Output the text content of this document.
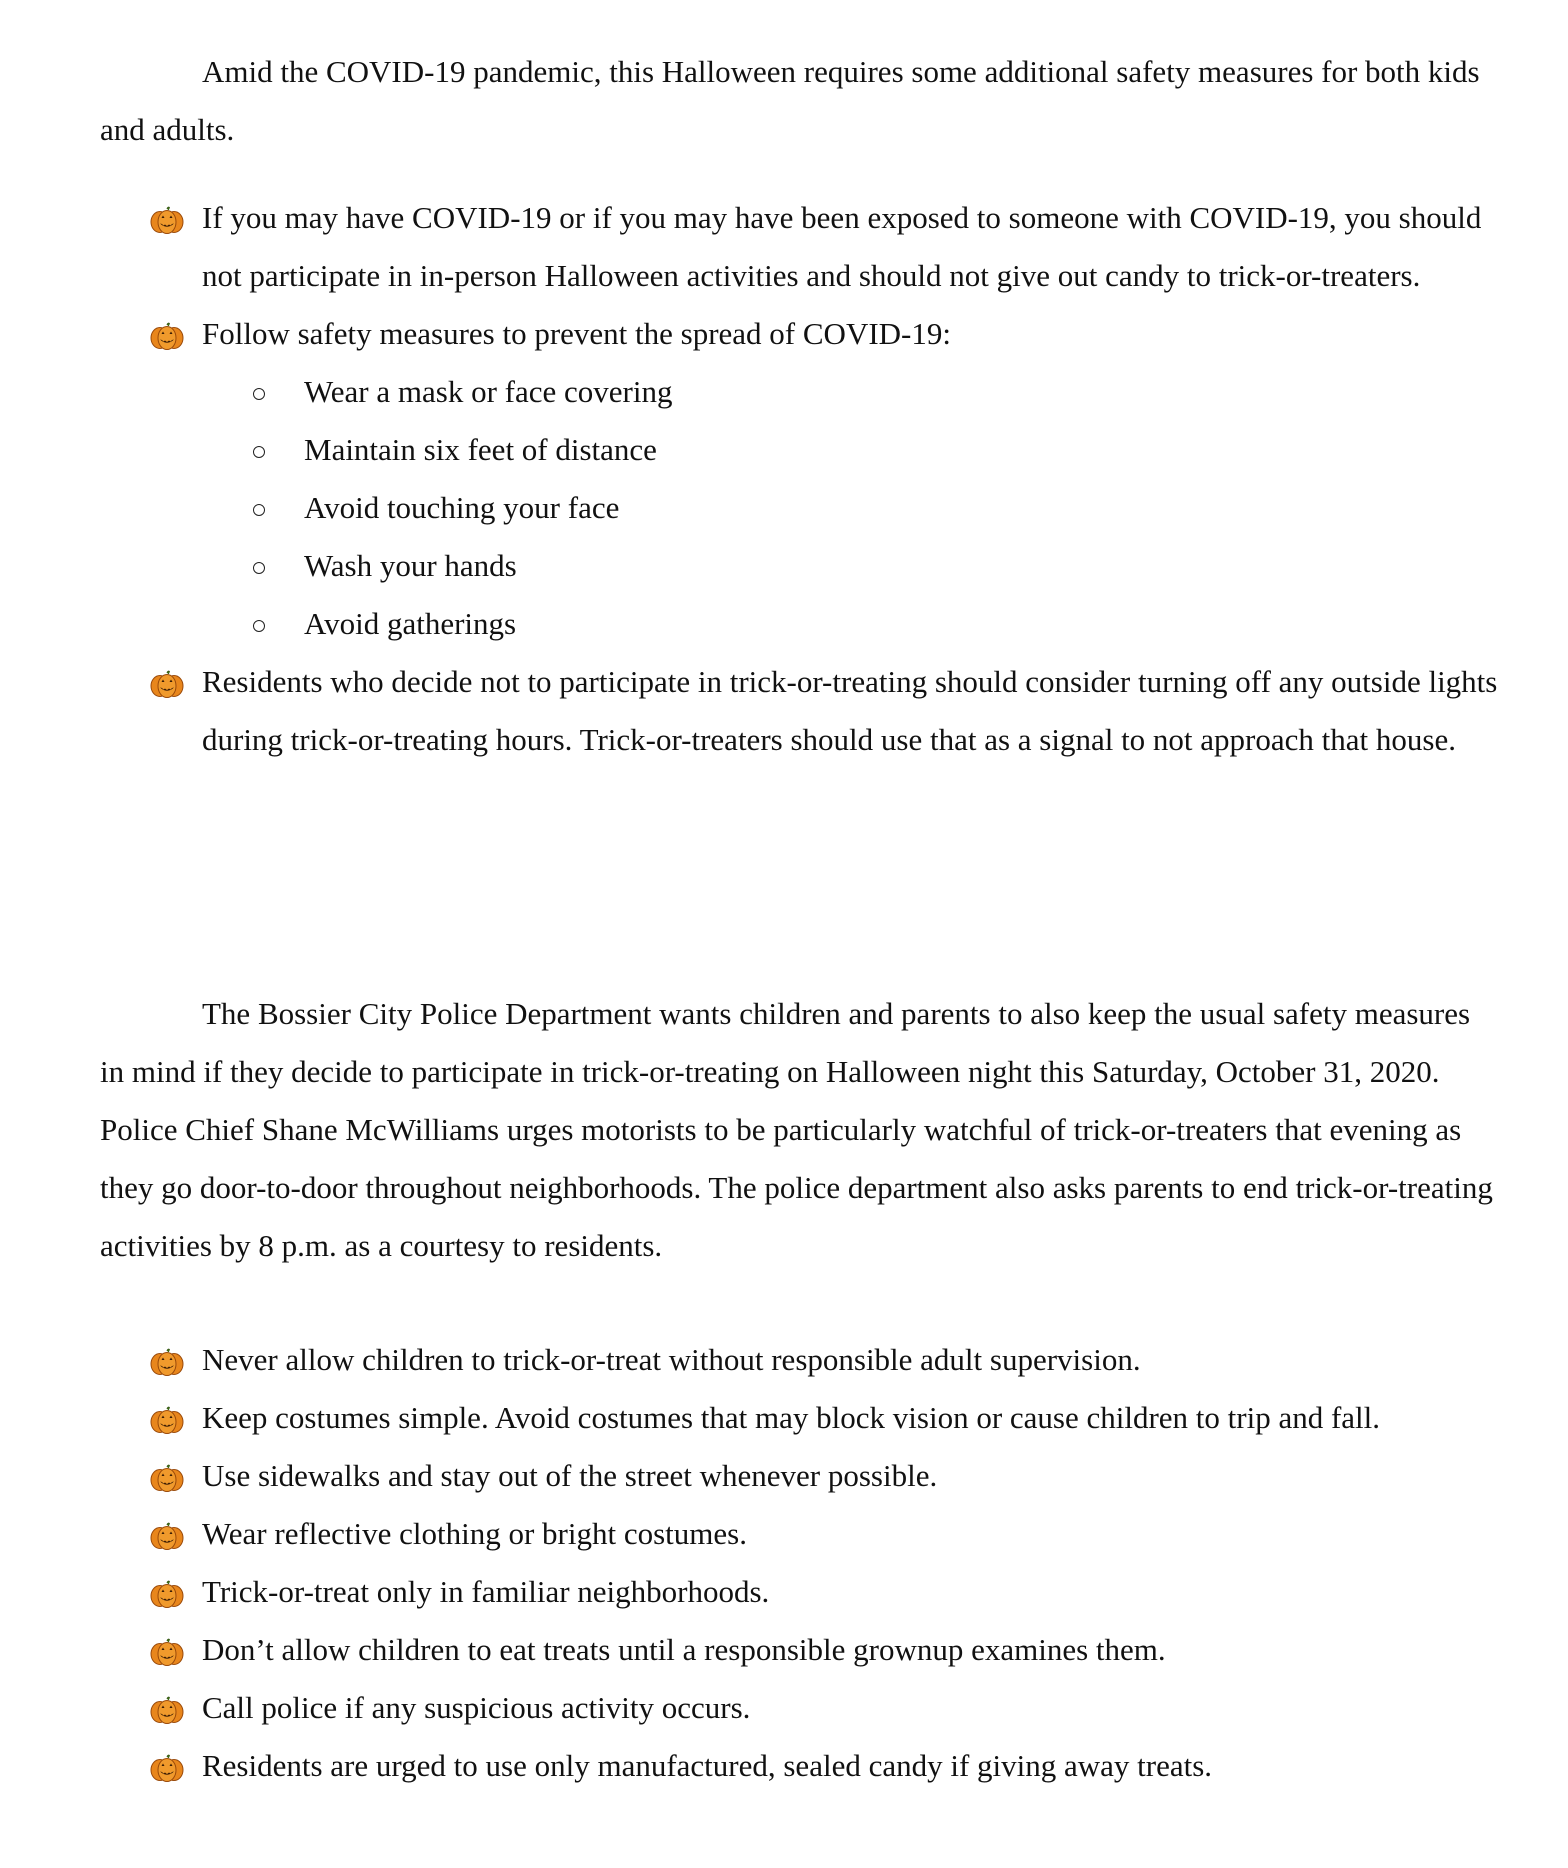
Amid the COVID-19 pandemic, this Halloween requires some additional safety measures for both kids and adults.

If you may have COVID-19 or if you may have been exposed to someone with COVID-19, you should not participate in in-person Halloween activities and should not give out candy to trick-or-treaters.
Follow safety measures to prevent the spread of COVID-19:
Wear a mask or face covering
Maintain six feet of distance
Avoid touching your face
Wash your hands
Avoid gatherings
Residents who decide not to participate in trick-or-treating should consider turning off any outside lights during trick-or-treating hours. Trick-or-treaters should use that as a signal to not approach that house.

The Bossier City Police Department wants children and parents to also keep the usual safety measures in mind if they decide to participate in trick-or-treating on Halloween night this Saturday, October 31, 2020. Police Chief Shane McWilliams urges motorists to be particularly watchful of trick-or-treaters that evening as they go door-to-door throughout neighborhoods. The police department also asks parents to end trick-or-treating activities by 8 p.m. as a courtesy to residents.

Never allow children to trick-or-treat without responsible adult supervision.
Keep costumes simple. Avoid costumes that may block vision or cause children to trip and fall.
Use sidewalks and stay out of the street whenever possible.
Wear reflective clothing or bright costumes.
Trick-or-treat only in familiar neighborhoods.
Don’t allow children to eat treats until a responsible grownup examines them.
Call police if any suspicious activity occurs.
Residents are urged to use only manufactured, sealed candy if giving away treats.
